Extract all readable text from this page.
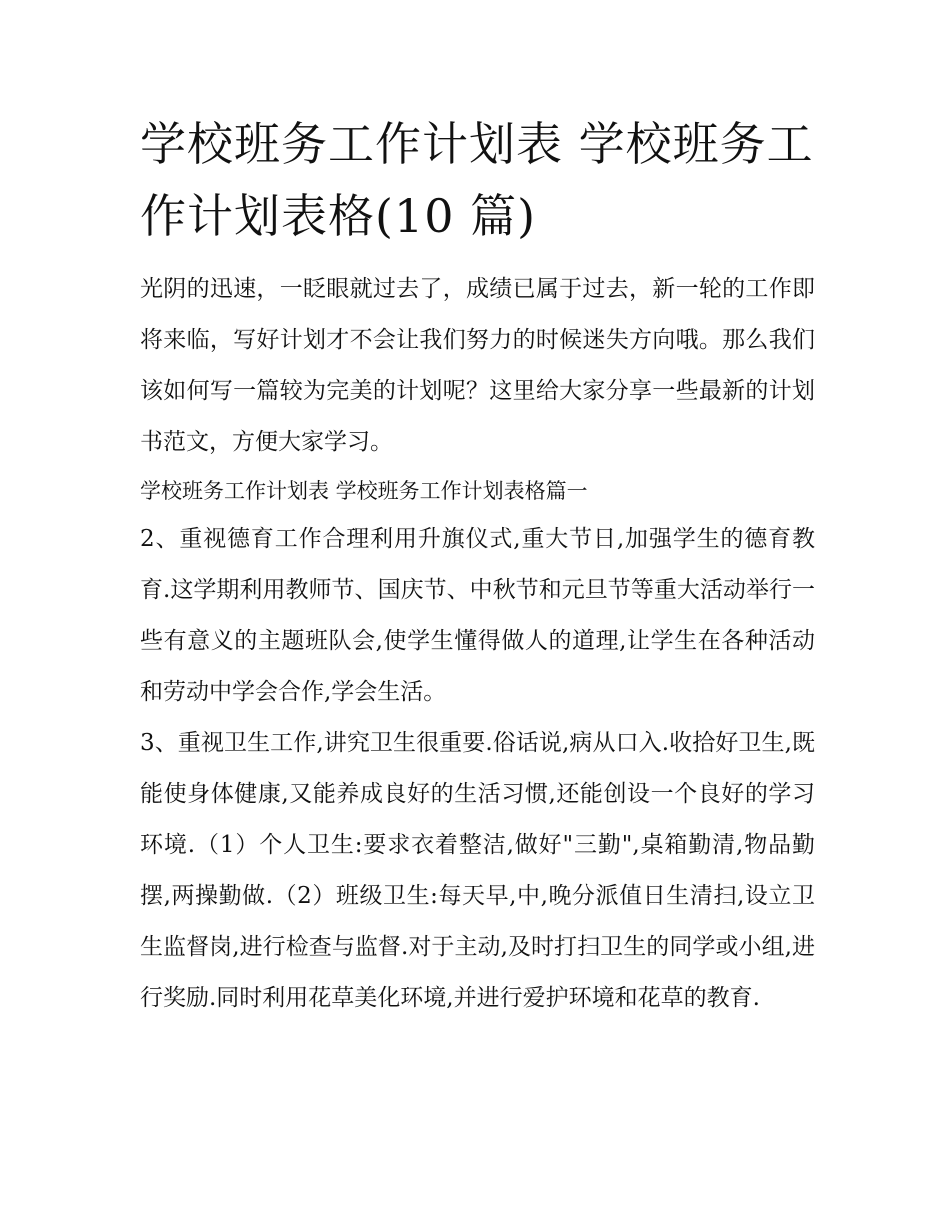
学校班务工作计划表 学校班务工作计划表格(10 篇)

光阴的迅速，一眨眼就过去了，成绩已属于过去，新一轮的工作即将来临，写好计划才不会让我们努力的时候迷失方向哦。那么我们该如何写一篇较为完美的计划呢？这里给大家分享一些最新的计划书范文，方便大家学习。

学校班务工作计划表 学校班务工作计划表格篇一

2、重视德育工作合理利用升旗仪式,重大节日,加强学生的德育教育.这学期利用教师节、国庆节、中秋节和元旦节等重大活动举行一些有意义的主题班队会,使学生懂得做人的道理,让学生在各种活动和劳动中学会合作,学会生活。

3、重视卫生工作,讲究卫生很重要.俗话说,病从口入.收拾好卫生,既能使身体健康,又能养成良好的生活习惯,还能创设一个良好的学习环境.（1）个人卫生:要求衣着整洁,做好"三勤",桌箱勤清,物品勤摆,两操勤做.（2）班级卫生:每天早,中,晚分派值日生清扫,设立卫生监督岗,进行检查与监督.对于主动,及时打扫卫生的同学或小组,进行奖励.同时利用花草美化环境,并进行爱护环境和花草的教育.
